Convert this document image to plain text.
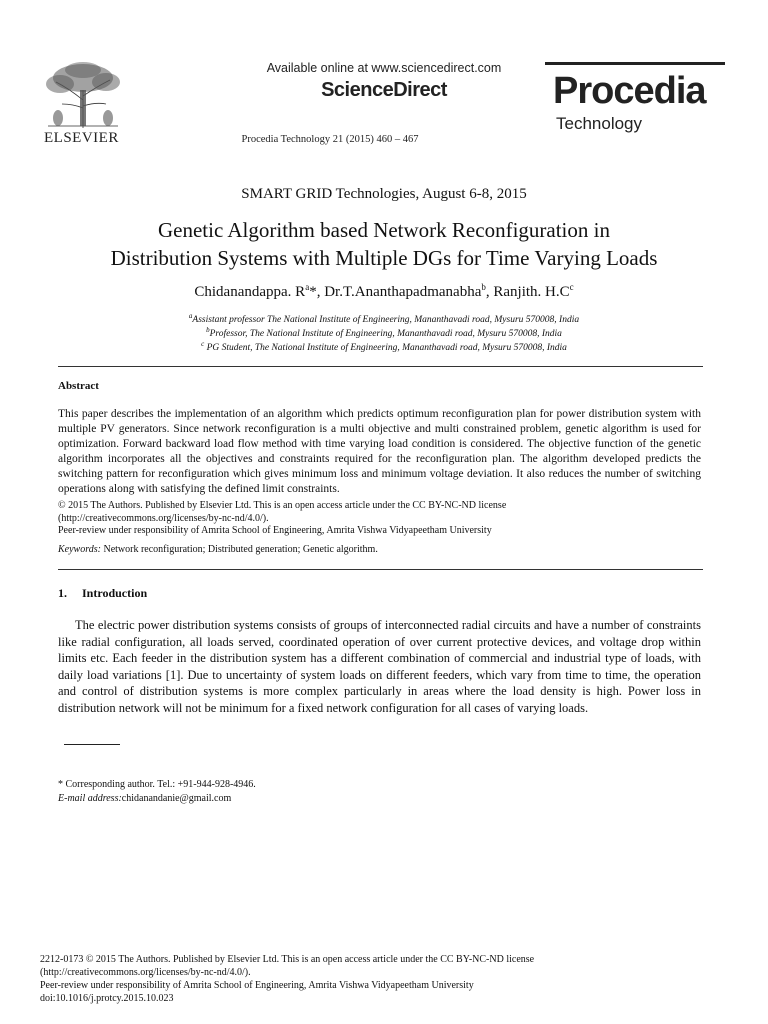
ELSEVIER
Available online at www.sciencedirect.com
ScienceDirect
Procedia Technology 21 (2015) 460 – 467
Procedia
Technology
SMART GRID Technologies, August 6-8, 2015
Genetic Algorithm based Network Reconfiguration in
Distribution Systems with Multiple DGs for Time Varying Loads
Chidanandappa. $R^a*$, Dr.T.Ananthapadmanabha$^b$, Ranjith. $H.C^c$
$^a$Assistant professor The National Institute of Engineering, Mananthavadi road, Mysuru 570008, India
$^b$Professor, The National Institute of Engineering, Mananthavadi road, Mysuru 570008, India
$^c$ PG Student, The National Institute of Engineering, Mananthavadi road, Mysuru 570008, India
Abstract
This paper describes the implementation of an algorithm which predicts optimum reconfiguration plan for power distribution system with multiple PV generators. Since network reconfiguration is a multi objective and multi constrained problem, genetic algorithm is used for optimization. Forward backward load flow method with time varying load condition is considered. The objective function of the genetic algorithm incorporates all the objectives and constraints required for the reconfiguration plan. The algorithm developed predicts the switching pattern for reconfiguration which gives minimum loss and minimum voltage deviation. It also reduces the number of switching operations along with satisfying the defined limit constraints.
© 2015 The Authors. Published by Elsevier Ltd. This is an open access article under the CC BY-NC-ND license
(http://creativecommons.org/licenses/by-nc-nd/4.0/).
Peer-review under responsibility of Amrita School of Engineering, Amrita Vishwa Vidyapeetham University
Keywords: Network reconfiguration; Distributed generation; Genetic algorithm.
1. Introduction
The electric power distribution systems consists of groups of interconnected radial circuits and have a number of constraints like radial configuration, all loads served, coordinated operation of over current protective devices, and voltage drop within limits etc. Each feeder in the distribution system has a different combination of commercial and industrial type of loads, with daily load variations [1]. Due to uncertainty of system loads on different feeders, which vary from time to time, the operation and control of distribution systems is more complex particularly in areas where the load density is high. Power loss in distribution network will not be minimum for a fixed network configuration for all cases of varying loads.
* Corresponding author. Tel.: +91-944-928-4946.
E-mail address:chidanandanie@gmail.com
2212-0173 © 2015 The Authors. Published by Elsevier Ltd. This is an open access article under the CC BY-NC-ND license
(http://creativecommons.org/licenses/by-nc-nd/4.0/).
Peer-review under responsibility of Amrita School of Engineering, Amrita Vishwa Vidyapeetham University
doi:10.1016/j.protcy.2015.10.023
